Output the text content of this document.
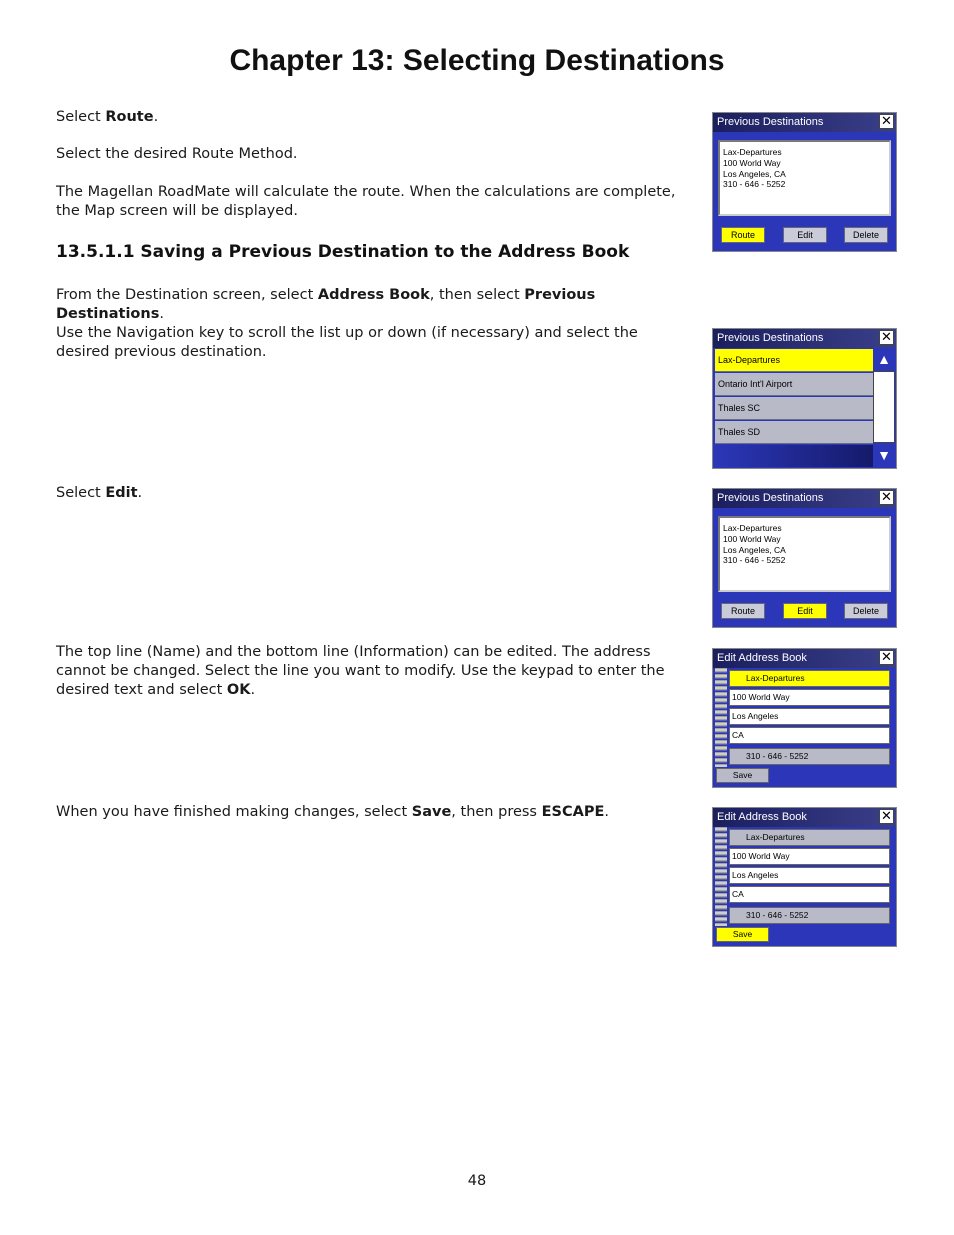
Chapter 13: Selecting Destinations

Select Route.

Select the desired Route Method.

The Magellan RoadMate will calculate the route. When the calculations are complete, the Map screen will be displayed.

13.5.1.1 Saving a Previous Destination to the Address Book

From the Destination screen, select Address Book, then select Previous Destinations.

Use the Navigation key to scroll the list up or down (if necessary) and select the desired previous destination.

Select Edit.

The top line (Name) and the bottom line (Information) can be edited. The address cannot be changed. Select the line you want to modify. Use the keypad to enter the desired text and select OK.

When you have finished making changes, select Save, then press ESCAPE.

48
Previous Destinations	✕
Lax-Departures
100 World Way
Los Angeles, CA
310 - 646 - 5252
Route	Edit	Delete
Previous Destinations	✕
Lax-Departures
Ontario Int'l Airport
Thales SC
Thales SD
▲
▼
Previous Destinations	✕
Lax-Departures
100 World Way
Los Angeles, CA
310 - 646 - 5252
Route	Edit	Delete
Edit Address Book	✕
Lax-Departures
100 World Way
Los Angeles
CA
310 - 646 - 5252
Save
Edit Address Book	✕
Lax-Departures
100 World Way
Los Angeles
CA
310 - 646 - 5252
Save
